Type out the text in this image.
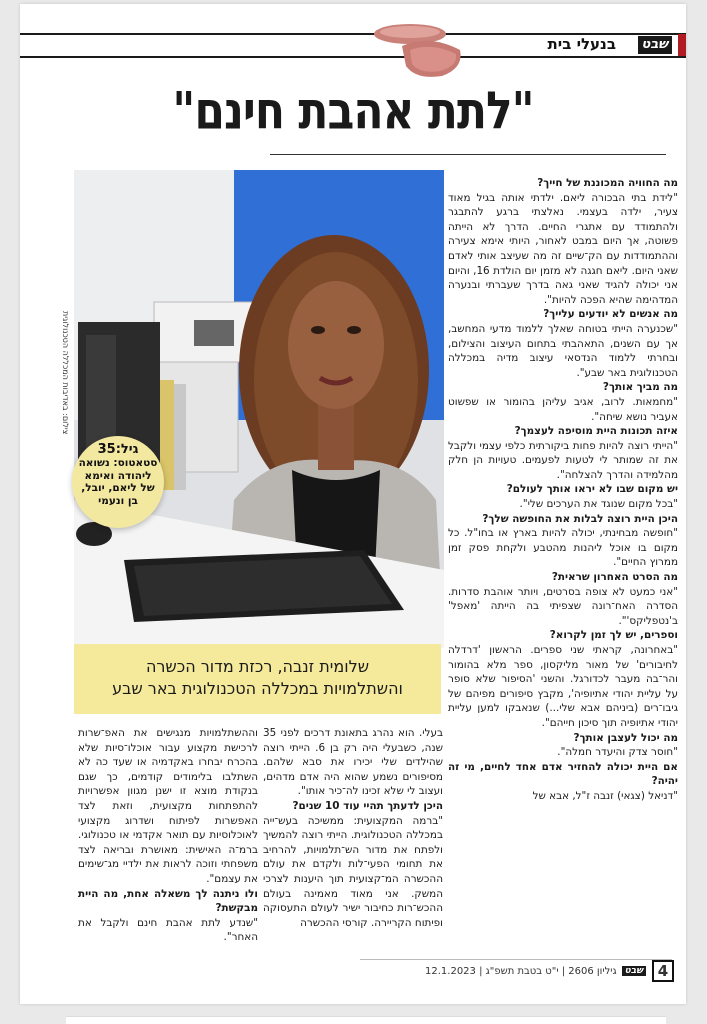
שבט
בנעלי בית
"לתת אהבת חינם"
צילום: באדיבות המכללה הטכנולוגית
גיל:35
סטאטוס: נשואה ליהודה ואימא של ליאם, יובל, בן ונעמי
שלומית זנבה, רכזת מדור הכשרה
והשתלמויות במכללה הטכנולוגית באר שבע

מה החוויה המכוננת של חייך?

"לידת בתי הבכורה ליאם. ילדתי אותה בגיל מאוד צעיר, ילדה בעצמי. נאלצתי ברגע להתבגר ולהתמודד עם אתגרי החיים. הדרך לא הייתה פשוטה, אך היום במבט לאחור, היותי אימא צעירה וההתמודדות עם הק־שיים זה מה שעיצב אותי לאדם שאני היום. ליאם חגגה לא מזמן יום הולדת 16, והיום אני יכולה להגיד שאני גאה בדרך שעברתי ובנערה המדהימה שהיא הפכה להיות".

מה אנשים לא יודעים עלייך?

"שכנערה הייתי בטוחה שאלך ללמוד מדעי המחשב, אך עם השנים, התאהבתי בתחום העיצוב והצילום, ובחרתי ללמוד הנדסאי עיצוב מדיה במכללה הטכנולוגית באר שבע".

מה מביך אותך?

"מחמאות. לרוב, אגיב עליהן בהומור או שפשוט אעביר נושא שיחה".

איזה תכונות היית מוסיפה לעצמך?

"הייתי רוצה להיות פחות ביקורתית כלפי עצמי ולקבל את זה שמותר לי לטעות לפעמים. טעויות הן חלק מהלמידה והדרך להצלחה".

יש מקום שבו לא יראו אותך לעולם?

"בכל מקום שנוגד את הערכים שלי".

היכן היית רוצה לבלות את החופשה שלך?

"חופשה מבחינתי, יכולה להיות בארץ או בחו"ל. כל מקום בו אוכל ליהנות מהטבע ולקחת פסק זמן ממרוץ החיים".

מה הסרט האחרון שראית?

"אני כמעט לא צופה בסרטים, ויותר אוהבת סדרות. הסדרה האח־רונה שצפיתי בה הייתה 'מאפל' ב'נטפליקס'".

וספרים, יש לך זמן לקרוא?

"באחרונה, קראתי שני ספרים. הראשון 'דרדלה לחיבורים' של מאור מליקסון, ספר מלא בהומור והר־בה מעבר לכדורגל. והשני 'הסיפור שלא סופר על עליית יהודי אתיופיה', מקבץ סיפורים מפיהם של גיבו־רים (ביניהם אבא שלי...) שנאבקו למען עליית יהודי אתיופיה תוך סיכון חייהם".

מה יכול לעצבן אותך?

"חוסר צדק והיעדר חמלה".

אם היית יכולה להחזיר אדם אחד לחיים, מי זה יהיה?

"דניאל (צגאי) זנבה ז"ל, אבא של

בעלי. הוא נהרג בתאונת דרכים לפני 35 שנה, כשבעלי היה רק בן 6. הייתי רוצה שהילדים שלי יכירו את סבא שלהם. מסיפורים נשמע שהוא היה אדם מדהים, ועצוב לי שלא זכינו לה־כיר אותו".

היכן לדעתך תהיי עוד 10 שנים?

"ברמה המקצועית: ממשיכה בעש־ייה במכללה הטכנולוגית. הייתי רוצה להמשיך ולפתח את מדור הש־תלמויות, להרחיב את תחומי הפעי־לות ולקדם את עולם ההכשרה המ־קצועית תוך היענות לצרכי המשק. אני מאוד מאמינה בעולם ההכש־רות כחיבור ישיר לעולם התעסוקה ופיתוח הקריירה. קורסי ההכשרה

וההשתלמויות מנגישים את האפ־שרות לרכישת מקצוע עבור אוכלו־סיות שלא בהכרח יבחרו באקדמיה או שעד כה לא השתלבו בלימודים קודמים, כך שגם בנקודת מוצא זו ישנן מגוון אפשרויות להתפתחות מקצועית, וזאת לצד האפשרות לפיתוח ושדרוג מקצועי לאוכלוסיות עם תואר אקדמי או טכנולוגי. ברמ־ה האישית: מאושרת ובריאה לצד משפחתי וזוכה לראות את ילדיי מג־שימים את עצמם".

ולו ניתנה לך משאלה אחת, מה היית מבקשת?

"שנדע לתת אהבת חינם ולקבל את האחר".

4
שבט
גיליון 2606 | י"ט בטבת תשפ"ג | 12.1.2023
